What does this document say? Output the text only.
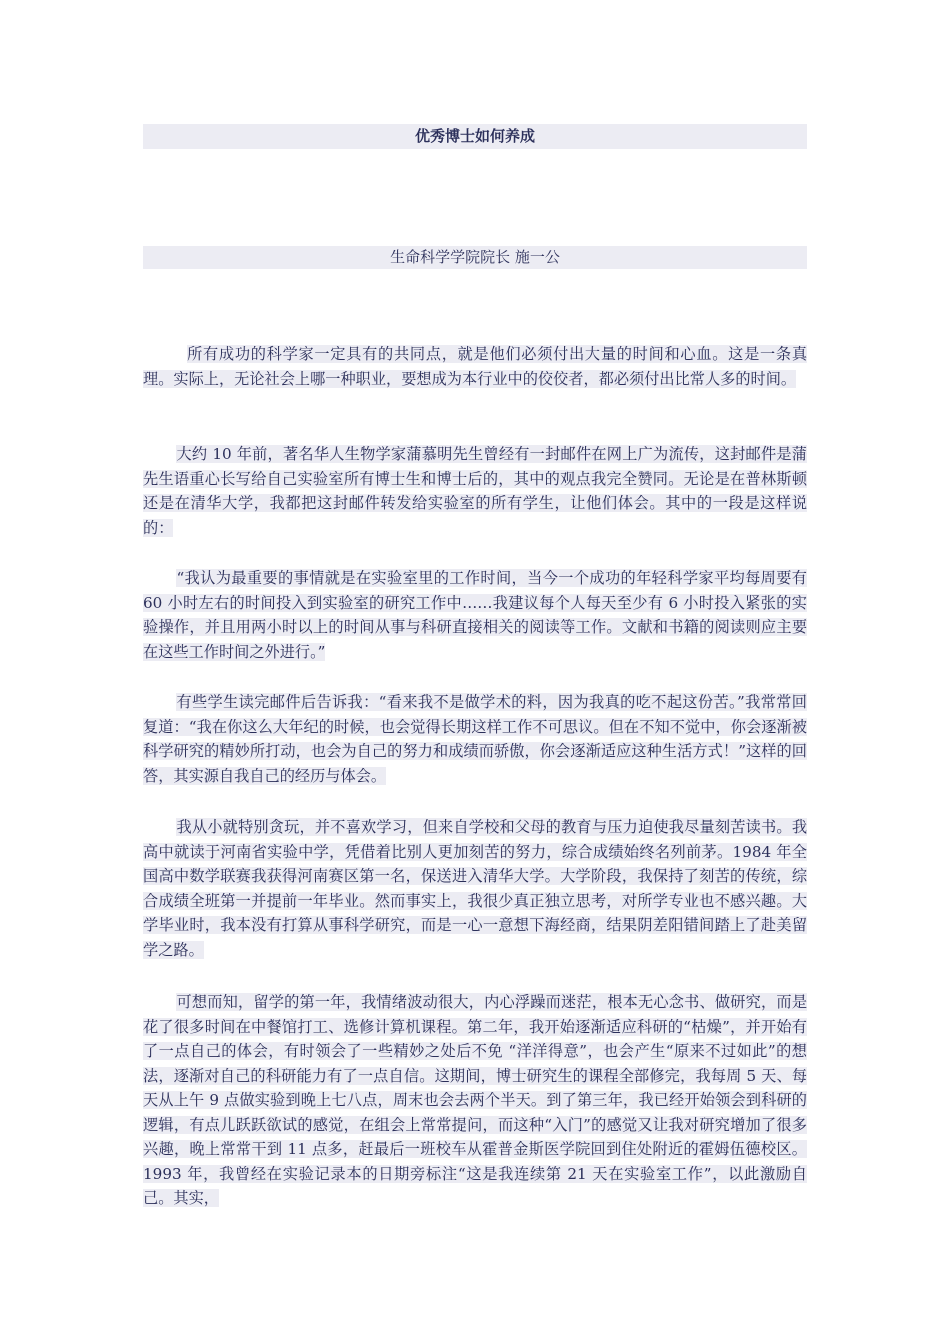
优秀博士如何养成
生命科学学院院长 施一公

所有成功的科学家一定具有的共同点，就是他们必须付出大量的时间和心血。这是一条真理。实际上，无论社会上哪一种职业，要想成为本行业中的佼佼者，都必须付出比常人多的时间。

大约 10 年前，著名华人生物学家蒲慕明先生曾经有一封邮件在网上广为流传，这封邮件是蒲先生语重心长写给自己实验室所有博士生和博士后的，其中的观点我完全赞同。无论是在普林斯顿还是在清华大学，我都把这封邮件转发给实验室的所有学生，让他们体会。其中的一段是这样说的：

“我认为最重要的事情就是在实验室里的工作时间，当今一个成功的年轻科学家平均每周要有 60 小时左右的时间投入到实验室的研究工作中……我建议每个人每天至少有 6 小时投入紧张的实验操作，并且用两小时以上的时间从事与科研直接相关的阅读等工作。文献和书籍的阅读则应主要在这些工作时间之外进行。”

有些学生读完邮件后告诉我：“看来我不是做学术的料，因为我真的吃不起这份苦。”我常常回复道：“我在你这么大年纪的时候，也会觉得长期这样工作不可思议。但在不知不觉中，你会逐渐被科学研究的精妙所打动，也会为自己的努力和成绩而骄傲，你会逐渐适应这种生活方式！”这样的回答，其实源自我自己的经历与体会。

我从小就特别贪玩，并不喜欢学习，但来自学校和父母的教育与压力迫使我尽量刻苦读书。我高中就读于河南省实验中学，凭借着比别人更加刻苦的努力，综合成绩始终名列前茅。1984 年全国高中数学联赛我获得河南赛区第一名，保送进入清华大学。大学阶段，我保持了刻苦的传统，综合成绩全班第一并提前一年毕业。然而事实上，我很少真正独立思考，对所学专业也不感兴趣。大学毕业时，我本没有打算从事科学研究，而是一心一意想下海经商，结果阴差阳错间踏上了赴美留学之路。

可想而知，留学的第一年，我情绪波动很大，内心浮躁而迷茫，根本无心念书、做研究，而是花了很多时间在中餐馆打工、选修计算机课程。第二年，我开始逐渐适应科研的“枯燥”，并开始有了一点自己的体会，有时领会了一些精妙之处后不免 “洋洋得意”，也会产生“原来不过如此”的想法，逐渐对自己的科研能力有了一点自信。这期间，博士研究生的课程全部修完，我每周 5 天、每天从上午 9 点做实验到晚上七八点，周末也会去两个半天。到了第三年，我已经开始领会到科研的逻辑，有点儿跃跃欲试的感觉，在组会上常常提问，而这种“入门”的感觉又让我对研究增加了很多兴趣，晚上常常干到 11 点多，赶最后一班校车从霍普金斯医学院回到住处附近的霍姆伍德校区。1993 年，我曾经在实验记录本的日期旁标注“这是我连续第 21 天在实验室工作”，以此激励自己。其实，
